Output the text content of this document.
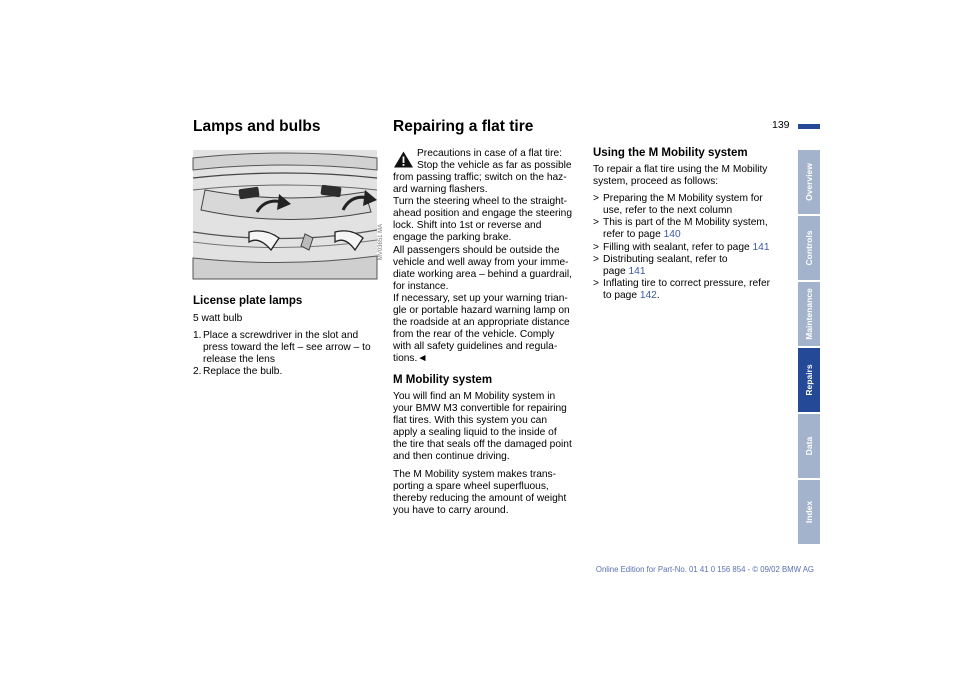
139
Lamps and bulbs
MV03651 MA
License plate lamps
5 watt bulb
1. Place a screwdriver in the slot and
press toward the left – see arrow – to
release the lens
2. Replace the bulb.
Repairing a flat tire
Precautions in case of a flat tire:
Stop the vehicle as far as possible
from passing traffic; switch on the haz-
ard warning flashers.
Turn the steering wheel to the straight-
ahead position and engage the steering
lock. Shift into 1st or reverse and
engage the parking brake.
All passengers should be outside the
vehicle and well away from your imme-
diate working area – behind a guardrail,
for instance.
If necessary, set up your warning trian-
gle or portable hazard warning lamp on
the roadside at an appropriate distance
from the rear of the vehicle. Comply
with all safety guidelines and regula-
tions.◄
M Mobility system
You will find an M Mobility system in
your BMW M3 convertible for repairing
flat tires. With this system you can
apply a sealing liquid to the inside of
the tire that seals off the damaged point
and then continue driving.
The M Mobility system makes trans-
porting a spare wheel superfluous,
thereby reducing the amount of weight
you have to carry around.
Using the M Mobility system
To repair a flat tire using the M Mobility
system, proceed as follows:
> Preparing the M Mobility system for
use, refer to the next column
> This is part of the M Mobility system,
refer to page 140
> Filling with sealant, refer to page 141
> Distributing sealant, refer to
page 141
> Inflating tire to correct pressure, refer
to page 142.
Overview
Controls
Maintenance
Repairs
Data
Index
Online Edition for Part-No. 01 41 0 156 854 - © 09/02 BMW AG
